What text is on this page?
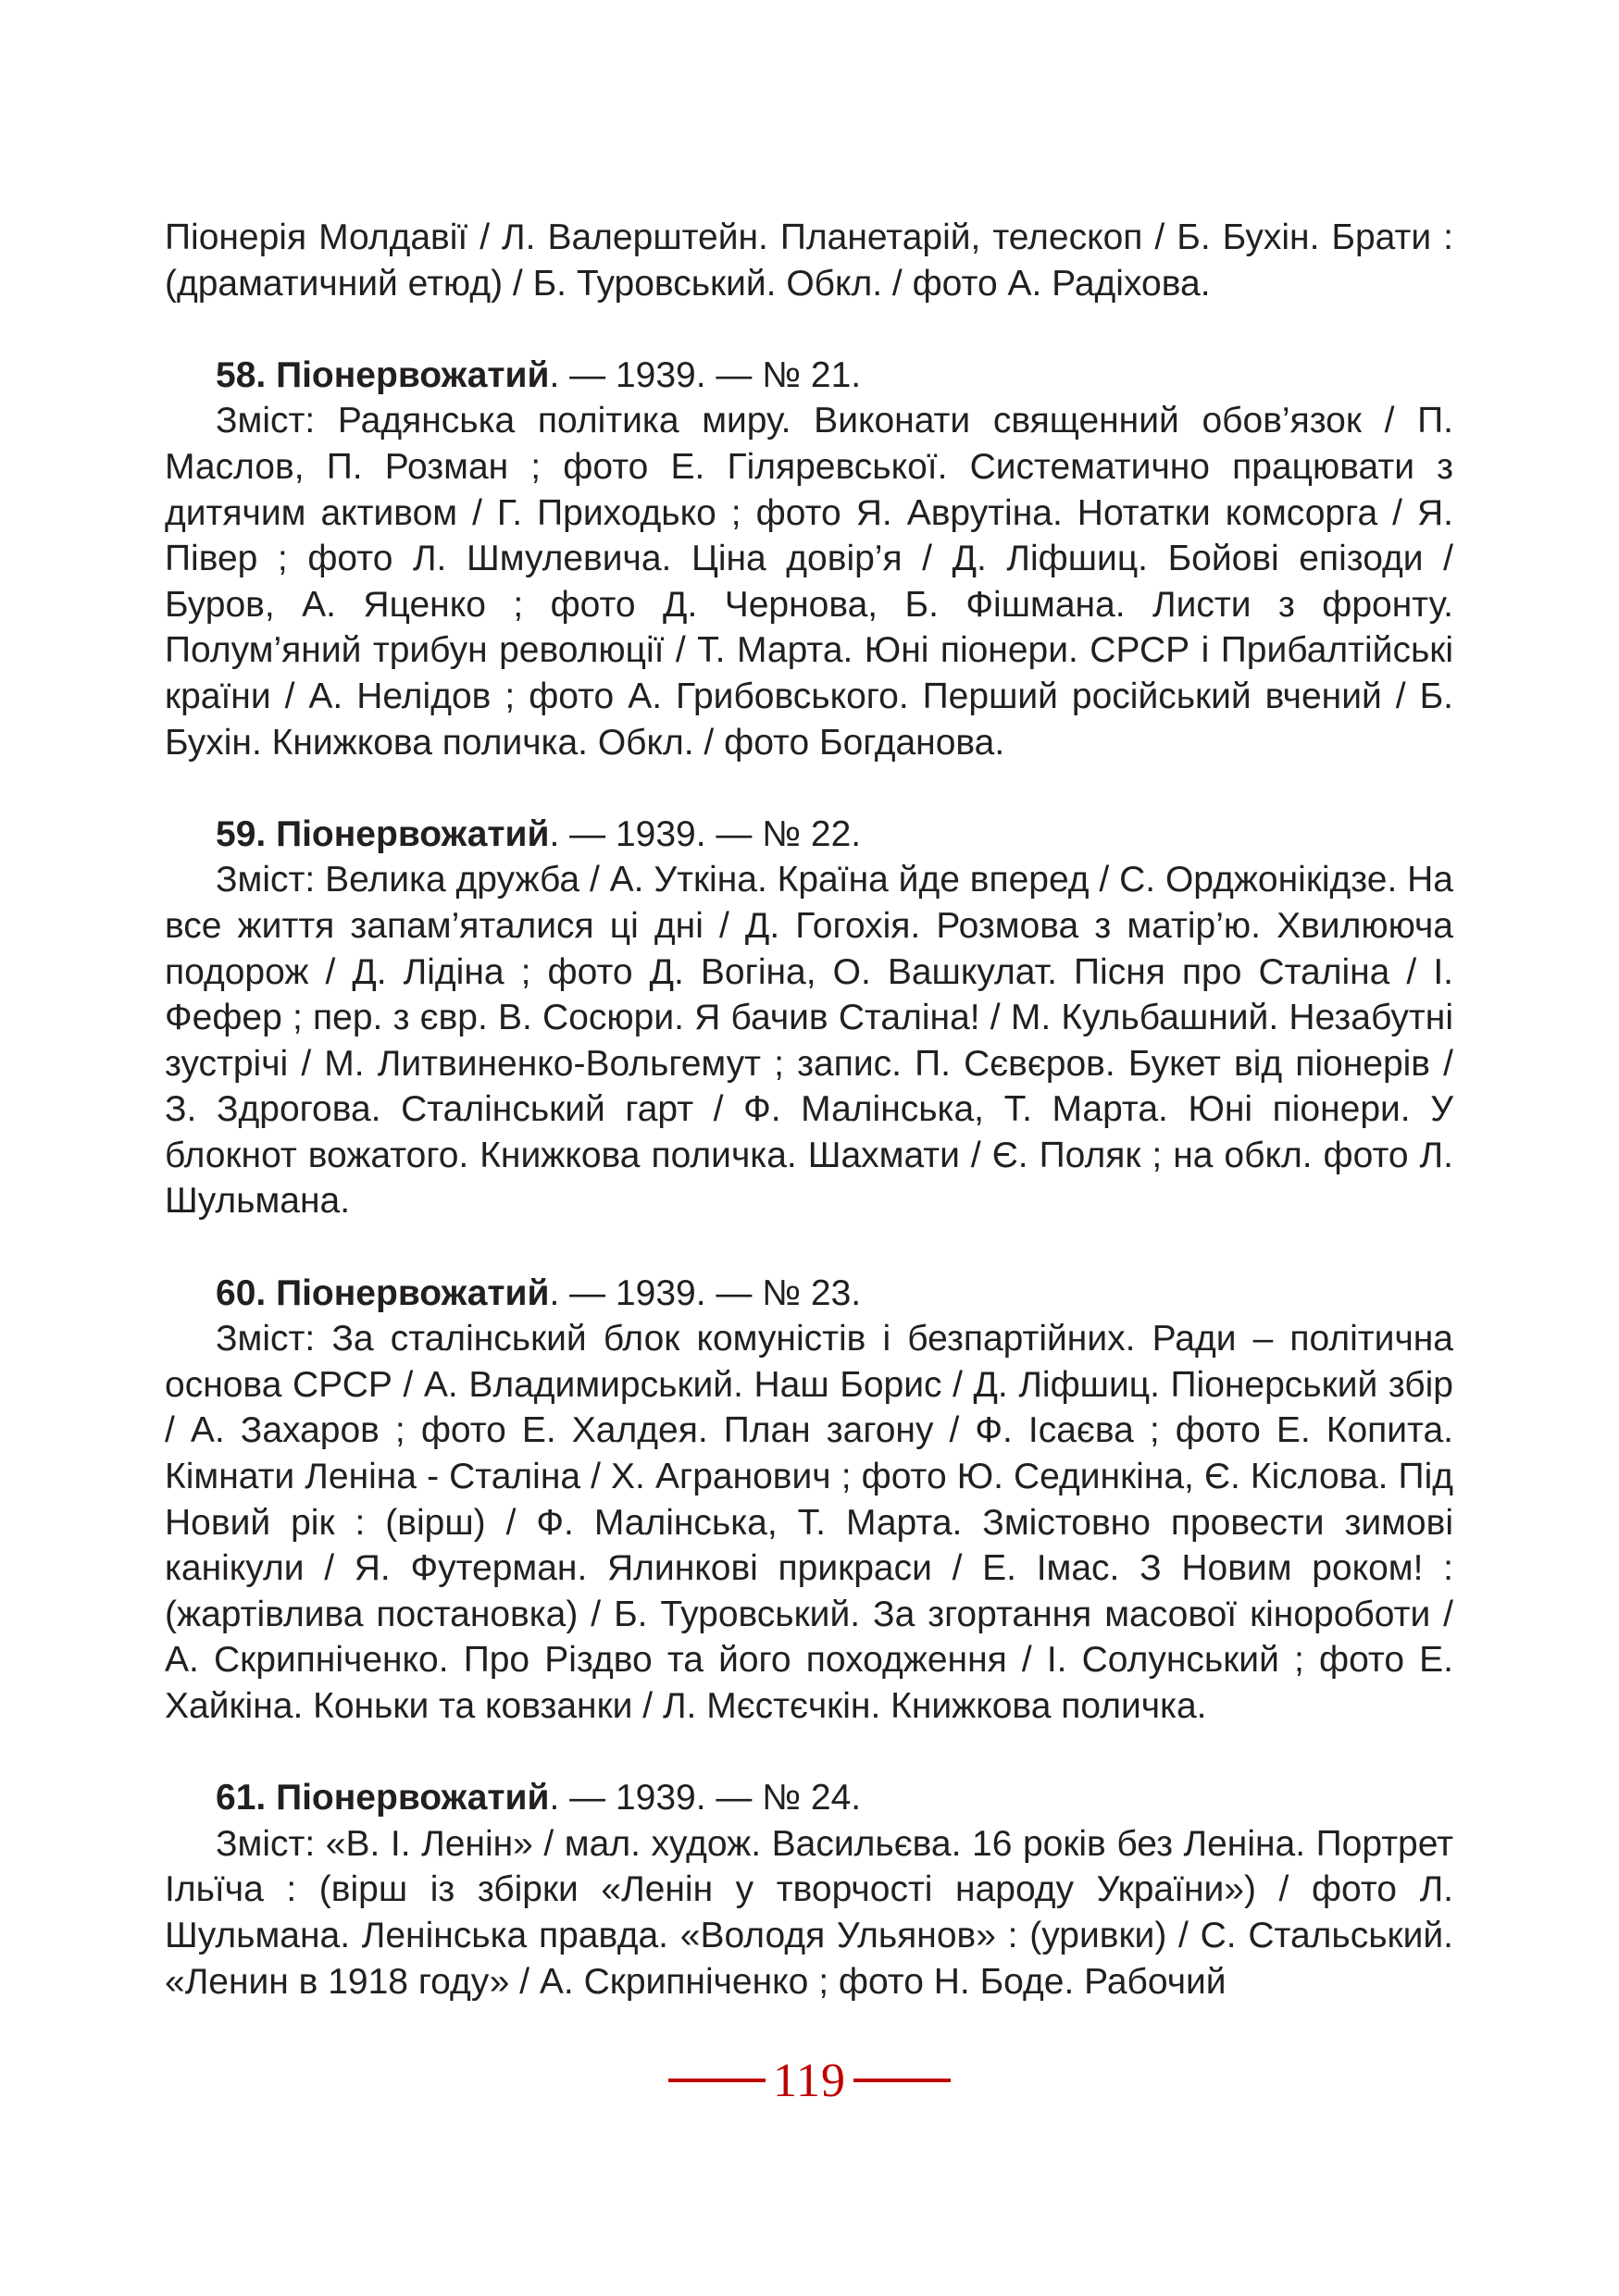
Піонерія Молдавії / Л. Валерштейн. Планетарій, телескоп / Б. Бухін. Брати : (драматичний етюд) / Б. Туровський. Обкл. / фото А. Радіхова.

58. Піонервожатий. — 1939. — № 21.

Зміст: Радянська політика миру. Виконати священний обов’язок / П. Маслов, П. Розман ; фото Е. Гіляревської. Систематично працювати з дитячим активом / Г. Приходько ; фото Я. Аврутіна. Нотатки комсорга / Я. Півер ; фото Л. Шмулевича. Ціна довір’я / Д. Ліфшиц. Бойові епізоди / Буров, А. Яценко ; фото Д. Чернова, Б. Фішмана. Листи з фронту. Полум’яний трибун революції / Т. Марта. Юні піонери. СРСР і Прибалтійські країни / А. Нелідов ; фото А. Грибовського. Перший російський вчений / Б. Бухін. Книжкова поличка. Обкл. / фото Богданова.

59. Піонервожатий. — 1939. — № 22.

Зміст: Велика дружба / А. Уткіна. Країна йде вперед / С. Орджонікідзе. На все життя запам’яталися ці дні / Д. Гогохія. Розмова з матір’ю. Хвилююча подорож / Д. Лідіна ; фото Д. Вогіна, О. Вашкулат. Пісня про Сталіна / І. Фефер ; пер. з євр. В. Сосюри. Я бачив Сталіна! / М. Кульбашний. Незабутні зустрічі / М. Литвиненко-Вольгемут ; запис. П. Сєвєров. Букет від піонерів / З. Здрогова. Сталінський гарт / Ф. Малінська, Т. Марта. Юні піонери. У блокнот вожатого. Книжкова поличка. Шахмати / Є. Поляк ; на обкл. фото Л. Шульмана.

60. Піонервожатий. — 1939. — № 23.

Зміст: За сталінський блок комуністів і безпартійних. Ради – політична основа СРСР / А. Владимирський. Наш Борис / Д. Ліфшиц. Піонерський збір / А. Захаров ; фото Е. Халдея. План загону / Ф. Ісаєва ; фото Е. Копита. Кімнати Леніна - Сталіна / Х. Агранович ; фото Ю. Сединкіна, Є. Кіслова. Під Новий рік : (вірш) / Ф. Малінська, Т. Марта. Змістовно провести зимові канікули / Я. Футерман. Ялинкові прикраси / Е. Імас. З Новим роком! : (жартівлива постановка) / Б. Туровський. За згортання масової кінороботи / А. Скрипніченко. Про Різдво та його походження / І. Солунський ; фото Е. Хайкіна. Коньки та ковзанки / Л. Мєстєчкін. Книжкова поличка.

61. Піонервожатий. — 1939. — № 24.

Зміст: «В. І. Ленін» / мал. худож. Васильєва. 16 років без Леніна. Портрет Ільїча : (вірш із збірки «Ленін у творчості народу України») / фото Л. Шульмана. Ленінська правда. «Володя Ульянов» : (уривки) / С. Стальський. «Ленин в 1918 году» / А. Скрипніченко ; фото Н. Боде. Рабочий

119
